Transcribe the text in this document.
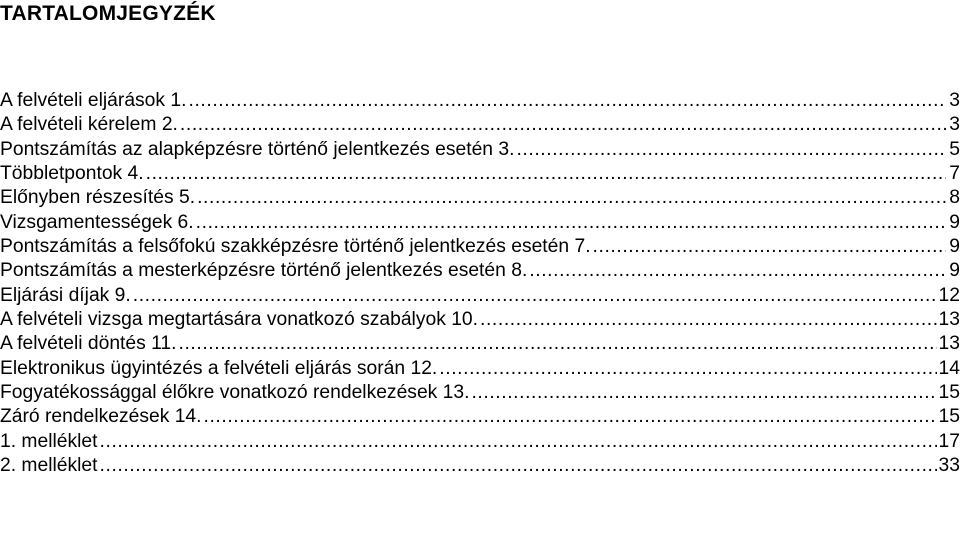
TARTALOMJEGYZÉK
A felvételi eljárások 1. .....	3
A felvételi kérelem 2. .....	3
Pontszámítás az alapképzésre történő jelentkezés esetén 3. .....	5
Többletpontok 4. .....	7
Előnyben részesítés 5. .....	8
Vizsgamentességek 6. .....	9
Pontszámítás a felsőfokú szakképzésre történő jelentkezés esetén 7. .....	9
Pontszámítás a mesterképzésre történő jelentkezés esetén 8. .....	9
Eljárási díjak 9. .....	12
A felvételi vizsga megtartására vonatkozó szabályok 10. .....	13
A felvételi döntés 11. .....	13
Elektronikus ügyintézés a felvételi eljárás során 12. .....	14
Fogyatékossággal élőkre vonatkozó rendelkezések 13. .....	15
Záró rendelkezések 14. .....	15
1. melléklet .....	17
2. melléklet .....	33
